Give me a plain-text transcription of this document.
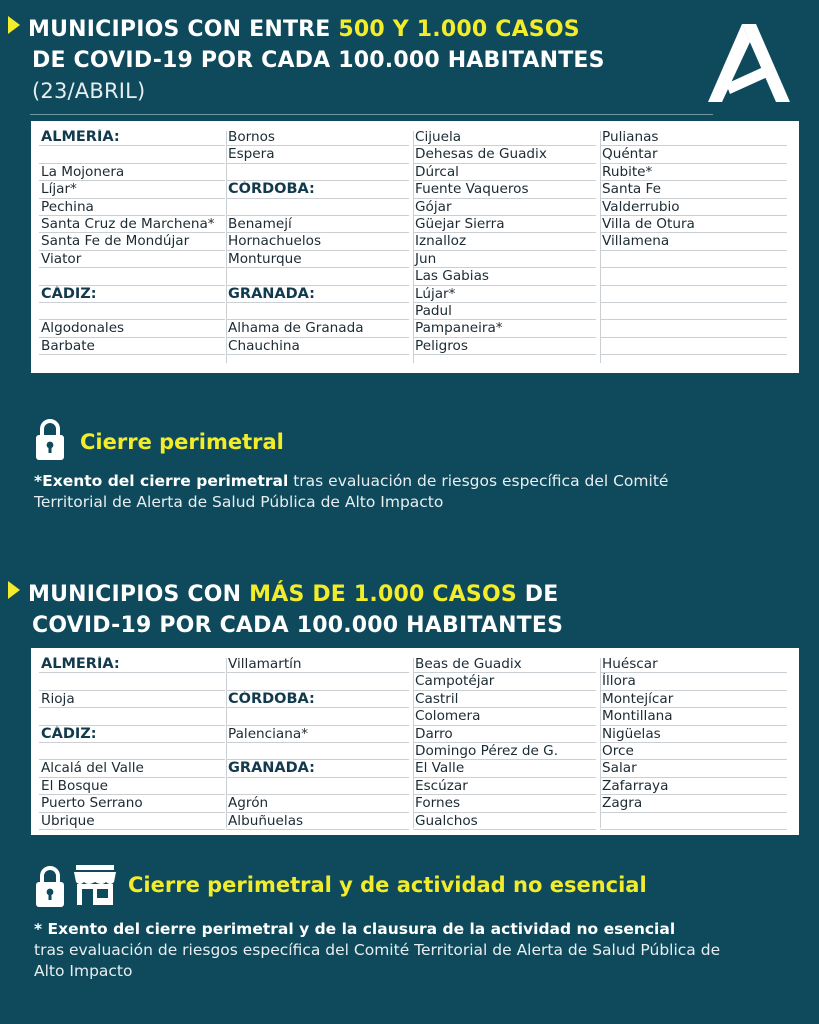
MUNICIPIOS CON ENTRE 500 Y 1.000 CASOS
DE COVID-19 POR CADA 100.000 HABITANTES
(23/ABRIL)
ALMERÍA:
La Mojonera
Líjar*
Pechina
Santa Cruz de Marchena*
Santa Fe de Mondújar
Viator
CÁDIZ:
Algodonales
Barbate
Bornos
Espera
CÓRDOBA:
Benamejí
Hornachuelos
Monturque
GRANADA:
Alhama de Granada
Chauchina
Cijuela
Dehesas de Guadix
Dúrcal
Fuente Vaqueros
Gójar
Güejar Sierra
Iznalloz
Jun
Las Gabias
Lújar*
Padul
Pampaneira*
Peligros
Pulianas
Quéntar
Rubite*
Santa Fe
Valderrubio
Villa de Otura
Villamena
Cierre perimetral
*Exento del cierre perimetral tras evaluación de riesgos específica del Comité Territorial de Alerta de Salud Pública de Alto Impacto
MUNICIPIOS CON MÁS DE 1.000 CASOS DE
COVID-19 POR CADA 100.000 HABITANTES
ALMERÍA:
Rioja
CÁDIZ:
Alcalá del Valle
El Bosque
Puerto Serrano
Ubrique
Villamartín
CÓRDOBA:
Palenciana*
GRANADA:
Agrón
Albuñuelas
Beas de Guadix
Campotéjar
Castril
Colomera
Darro
Domingo Pérez de G.
El Valle
Escúzar
Fornes
Gualchos
Huéscar
Íllora
Montejícar
Montillana
Nigüelas
Orce
Salar
Zafarraya
Zagra
Cierre perimetral y de actividad no esencial
* Exento del cierre perimetral y de la clausura de la actividad no esencial
tras evaluación de riesgos específica del Comité Territorial de Alerta de Salud Pública de Alto Impacto
